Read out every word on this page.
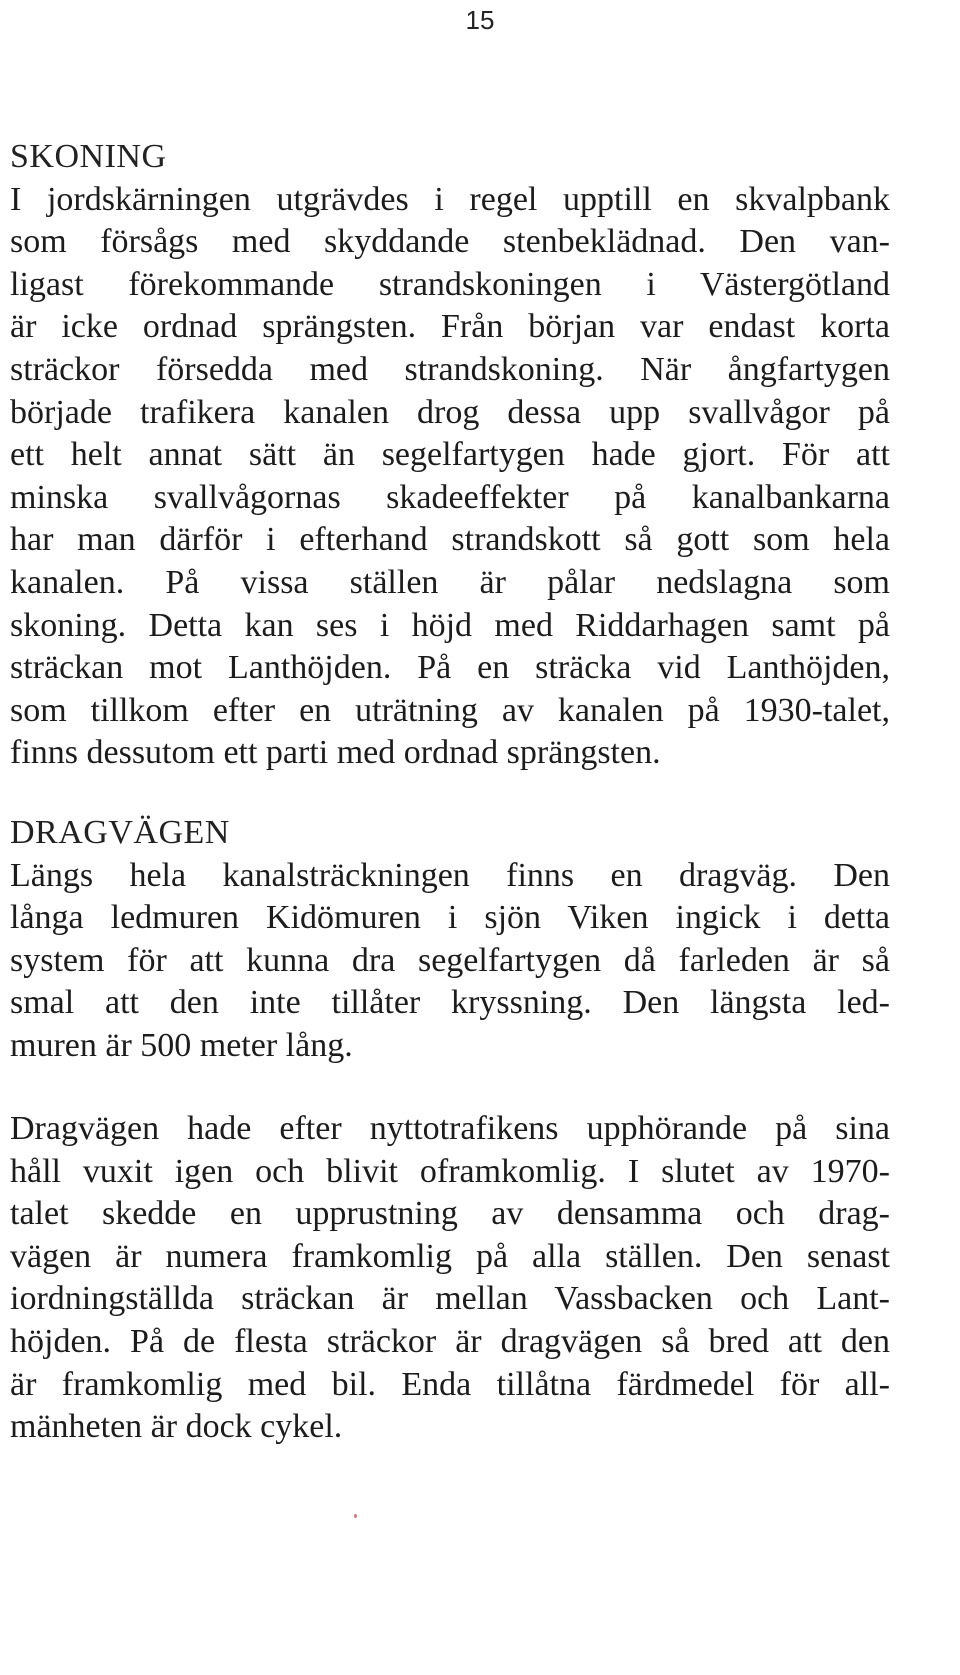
15
SKONING
I jordskärningen utgrävdes i regel upptill en skvalpbank
som försågs med skyddande stenbeklädnad. Den van-
ligast förekommande strandskoningen i Västergötland
är icke ordnad sprängsten. Från början var endast korta
sträckor försedda med strandskoning. När ångfartygen
började trafikera kanalen drog dessa upp svallvågor på
ett helt annat sätt än segelfartygen hade gjort. För att
minska svallvågornas skadeeffekter på kanalbankarna
har man därför i efterhand strandskott så gott som hela
kanalen. På vissa ställen är pålar nedslagna som
skoning. Detta kan ses i höjd med Riddarhagen samt på
sträckan mot Lanthöjden. På en sträcka vid Lanthöjden,
som tillkom efter en uträtning av kanalen på 1930-talet,
finns dessutom ett parti med ordnad sprängsten.
DRAGVÄGEN
Längs hela kanalsträckningen finns en dragväg. Den
långa ledmuren Kidömuren i sjön Viken ingick i detta
system för att kunna dra segelfartygen då farleden är så
smal att den inte tillåter kryssning. Den längsta led-
muren är 500 meter lång.
Dragvägen hade efter nyttotrafikens upphörande på sina
håll vuxit igen och blivit oframkomlig. I slutet av 1970-
talet skedde en upprustning av densamma och drag-
vägen är numera framkomlig på alla ställen. Den senast
iordningställda sträckan är mellan Vassbacken och Lant-
höjden. På de flesta sträckor är dragvägen så bred att den
är framkomlig med bil. Enda tillåtna färdmedel för all-
mänheten är dock cykel.
